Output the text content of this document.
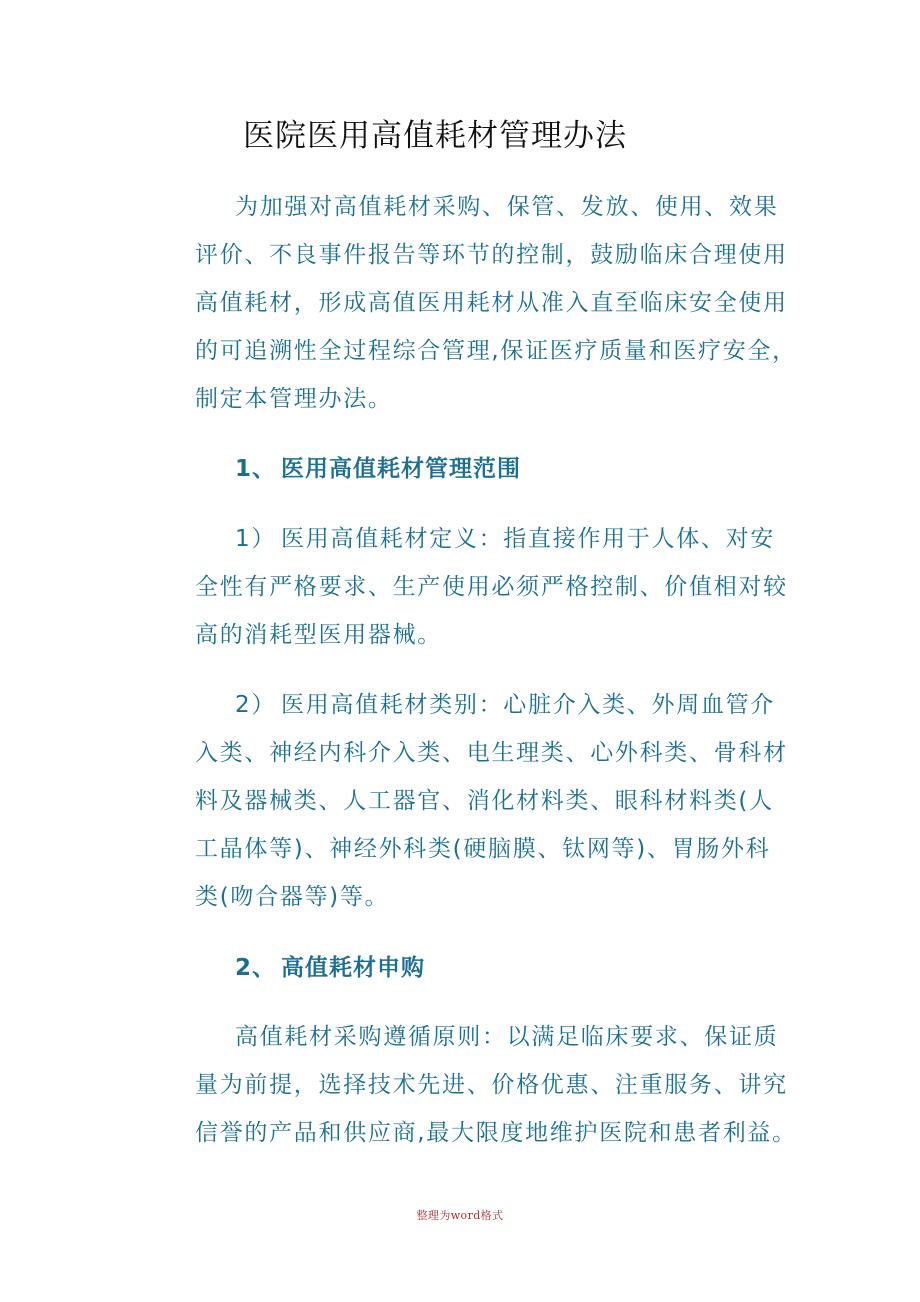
医院医用高值耗材管理办法
为加强对高值耗材采购、保管、发放、使用、效果
评价、不良事件报告等环节的控制，鼓励临床合理使用
高值耗材，形成高值医用耗材从准入直至临床安全使用
的可追溯性全过程综合管理,保证医疗质量和医疗安全，
制定本管理办法。
1、 医用高值耗材管理范围
1） 医用高值耗材定义：指直接作用于人体、对安
全性有严格要求、生产使用必须严格控制、价值相对较
高的消耗型医用器械。
2） 医用高值耗材类别：心脏介入类、外周血管介
入类、神经内科介入类、电生理类、心外科类、骨科材
料及器械类、人工器官、消化材料类、眼科材料类(人
工晶体等)、神经外科类(硬脑膜、钛网等)、胃肠外科
类(吻合器等)等。
2、 高值耗材申购
高值耗材采购遵循原则：以满足临床要求、保证质
量为前提，选择技术先进、价格优惠、注重服务、讲究
信誉的产品和供应商,最大限度地维护医院和患者利益。
整理为word格式
